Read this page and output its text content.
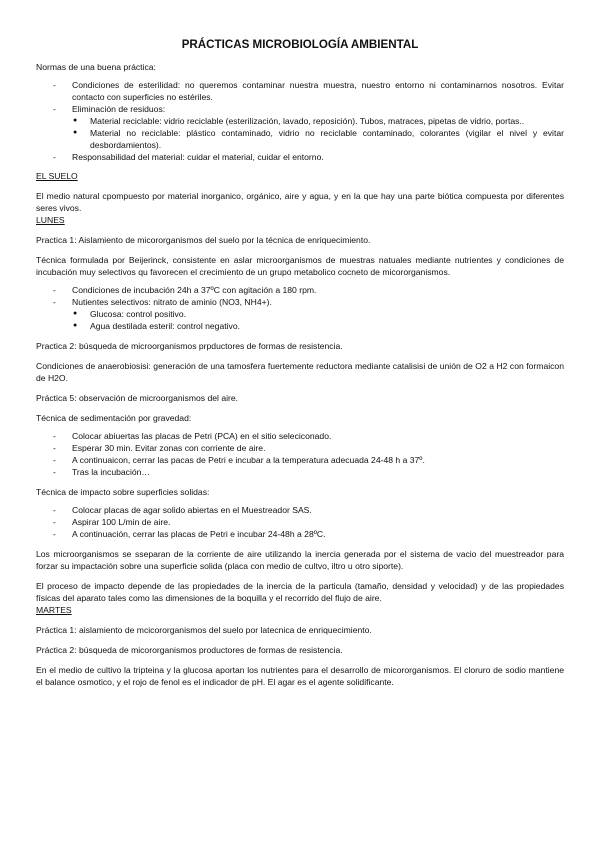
PRÁCTICAS MICROBIOLOGÍA AMBIENTAL

Normas de una buena práctica:

- Condiciones de esterilidad: no queremos contaminar nuestra muestra, nuestro entorno ni contaminarnos nosotros. Evitar contacto con superficies no estériles.
- Eliminación de residuos:
● Material reciclable: vidrio reciclable (esterilización, lavado, reposición). Tubos, matraces, pipetas de vidrio, portas..
● Material no reciclable: plástico contaminado, vidrio no reciclable contaminado, colorantes (vigilar el nivel y evitar desbordamientos).
- Responsabilidad del material: cuidar el material, cuidar el entorno.

EL SUELO

El medio natural cpompuesto por material inorganico, orgánico, aire y agua, y en la que hay una parte biótica compuesta por diferentes seres vivos.

LUNES

Practica 1: Aislamiento de micororganismos del suelo por la técnica de enriquecimiento.

Técnica formulada por Beijerinck, consistente en aslar microorganismos de muestras natuales mediante nutrientes y condiciones de incubación muy selectivos qu favorecen el crecimiento de un grupo metabolico cocneto de micororganismos.

- Condiciones de incubación 24h a 37ºC con agitación a 180 rpm.
- Nutientes selectivos: nitrato de aminio (NO3, NH4+).
● Glucosa: control positivo.
● Agua destilada esteril: control negativo.

Practica 2: búsqueda de microorganismos prpductores de formas de resistencia.

Condiciones de anaerobiosisi: generación de una tamosfera fuertemente reductora mediante catalisisi de unión de O2 a H2 con formaicon de H2O.

Práctica 5: observación de microorganismos del aire.

Técnica de sedimentación por gravedad:

- Colocar abiuertas las placas de Petri (PCA) en el sitio seleciconado.
- Esperar 30 min. Evitar zonas con corriente de aire.
- A continuaicon, cerrar las pacas de Petri e incubar a la temperatura adecuada 24-48 h a 37º.
- Tras la incubación…

Técnica de impacto sobre superficies solidas:

- Colocar placas de agar solido abiertas en el Muestreador SAS.
- Aspirar 100 L/min de aire.
- A continuación, cerrar las placas de Petri e incubar 24-48h a 28ºC.

Los microorganismos se sseparan de la corriente de aire utilizando la inercia generada por el sistema de vacio del muestreador para forzar su impactación sobre una superficie solida (placa con medio de cultvo, iltro u otro siporte).

El proceso de impacto depende de las propiedades de la inercia de la particula (tamaño, densidad y velocidad) y de las propiedades físicas del aparato tales como las dimensiones de la boquilla y el recorrido del flujo de aire.

MARTES

Práctica 1: aislamiento de mcicororganismos del suelo por latecnica de enriquecimiento.

Práctica 2: búsqueda de micororganismos productores de formas de resistencia.

En el medio de cultivo la tripteina y la glucosa aportan los nutrientes para el desarrollo de micororganismos. El cloruro de sodio mantiene el balance osmotico, y el rojo de fenol es el indicador de pH. El agar es el agente solidificante.
